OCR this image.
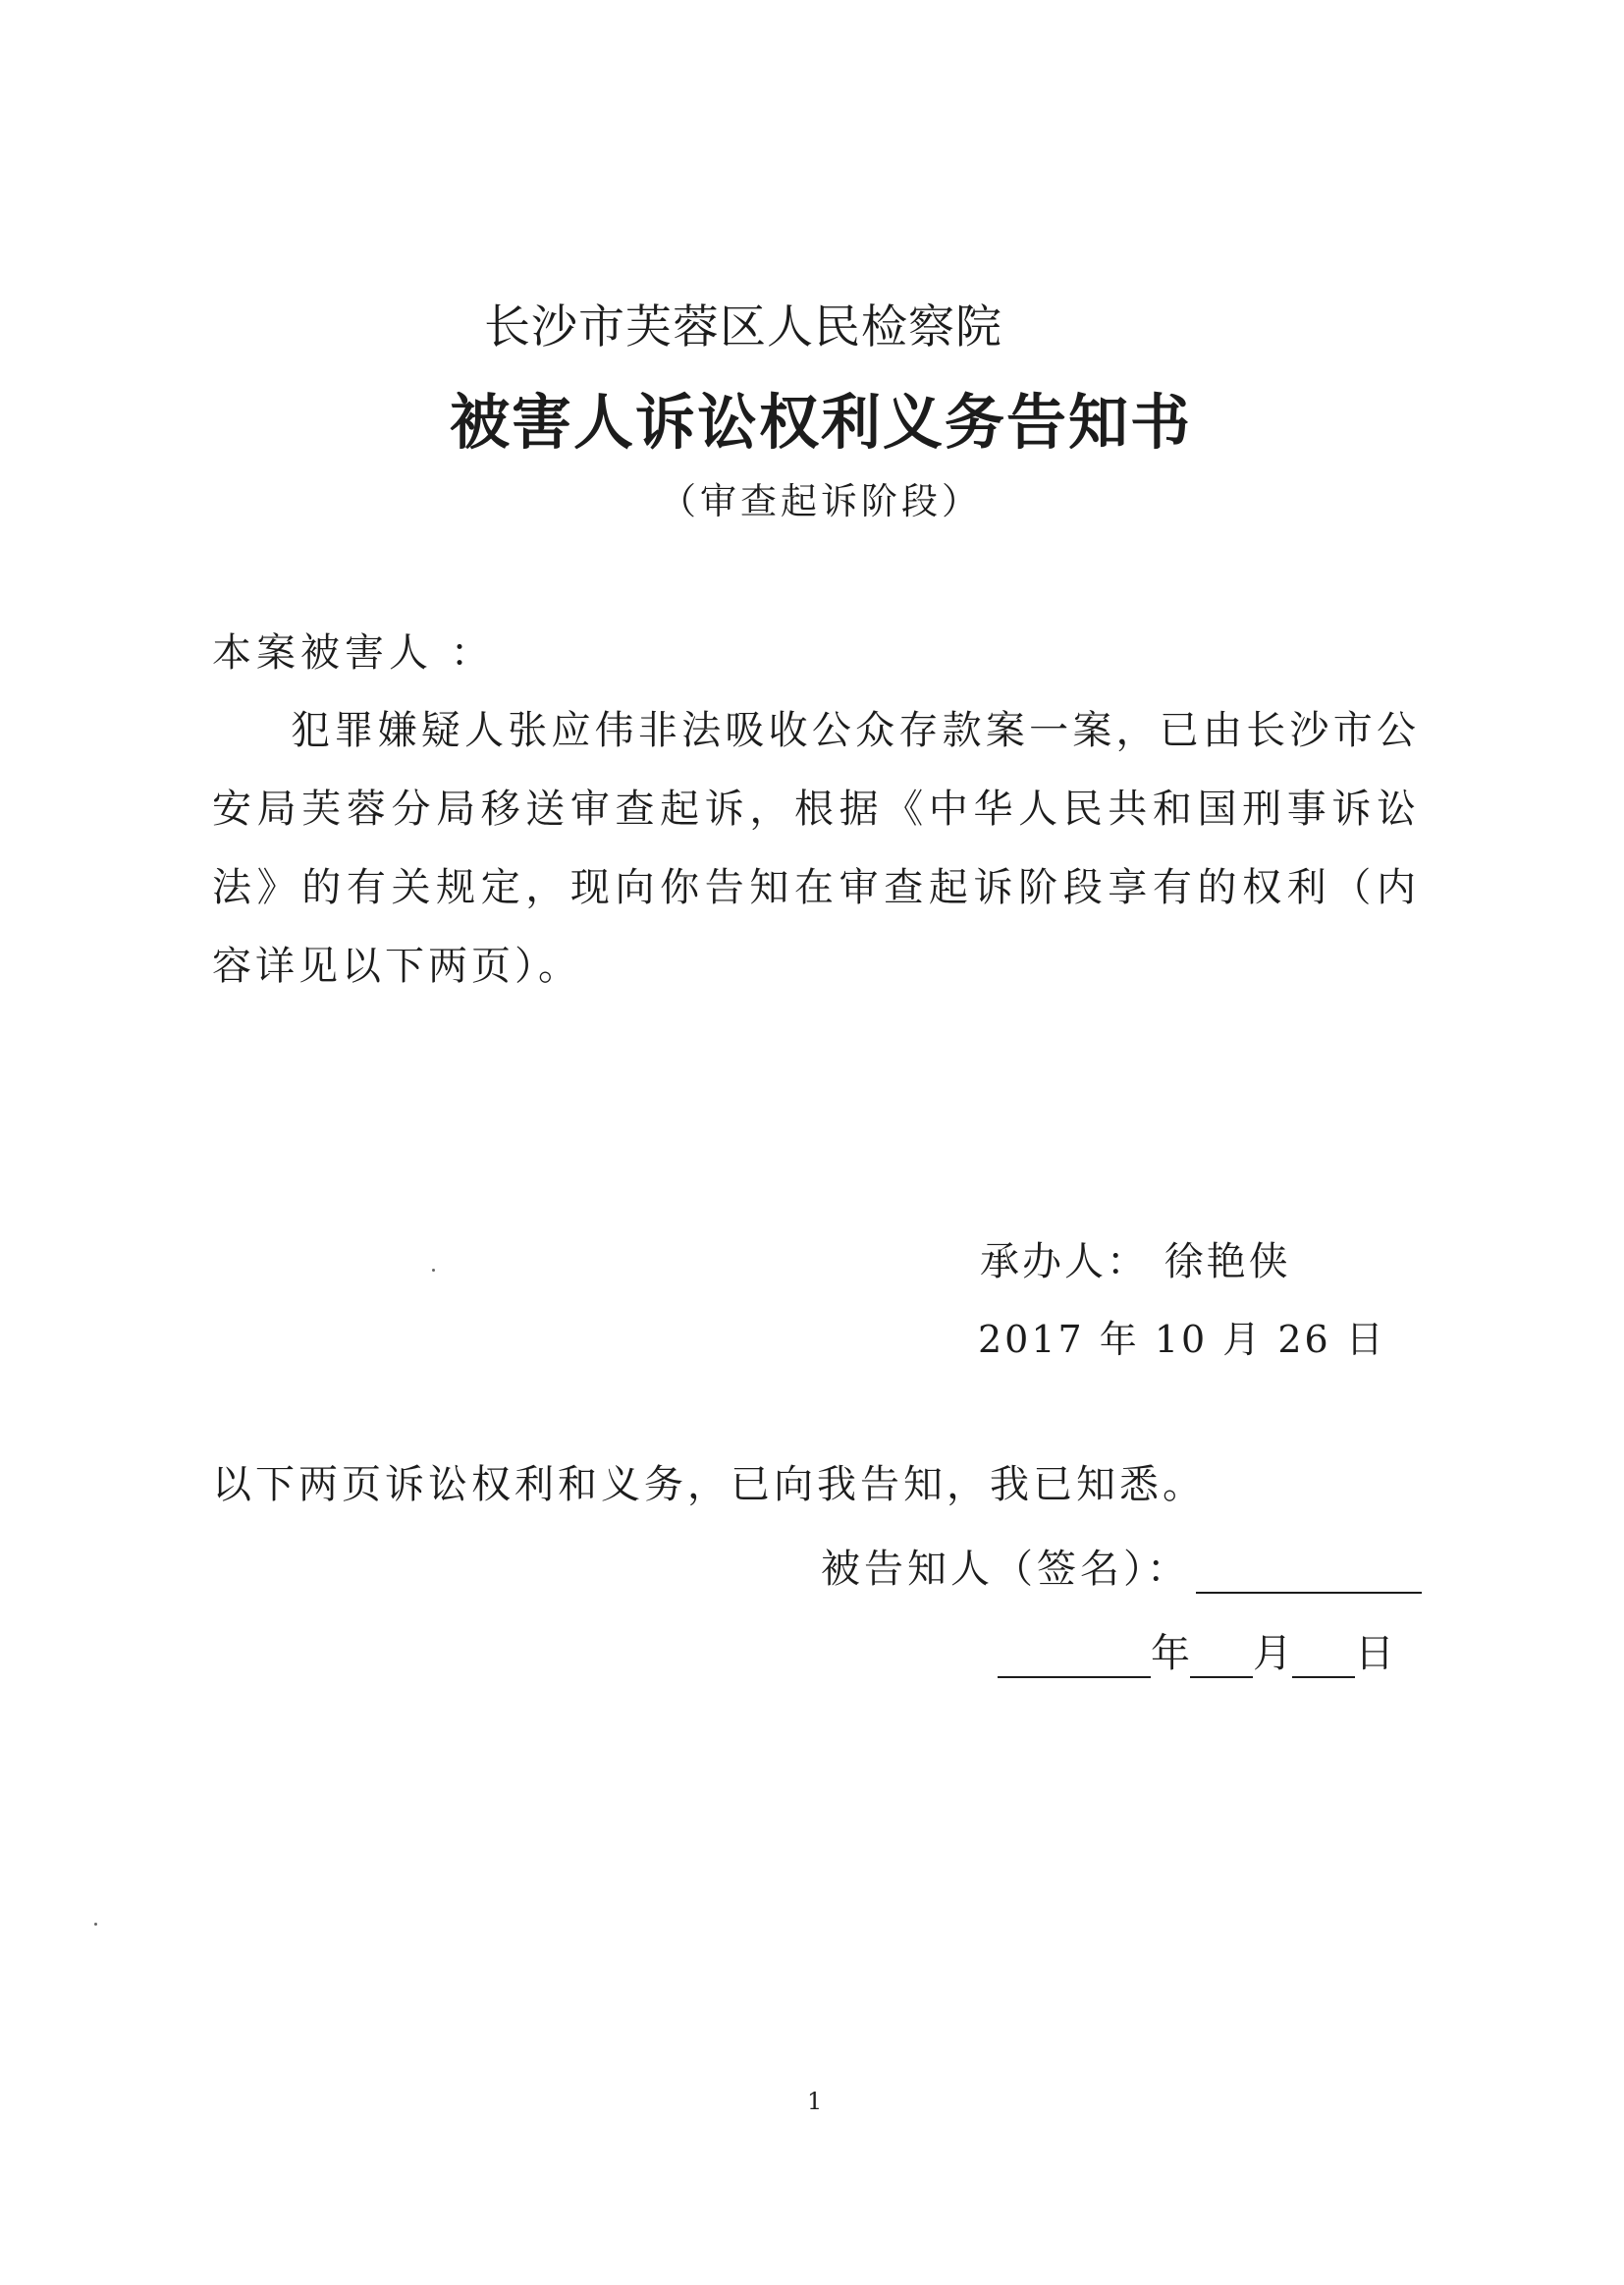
长沙市芙蓉区人民检察院
被害人诉讼权利义务告知书
（审查起诉阶段）
本案被害人 ：

犯罪嫌疑人张应伟非法吸收公众存款案一案，已由长沙市公安局芙蓉分局移送审查起诉，根据《中华人民共和国刑事诉讼法》的有关规定，现向你告知在审查起诉阶段享有的权利（内容详见以下两页）。

承办人： 徐艳侠
2017 年 10 月 26 日
以下两页诉讼权利和义务，已向我告知，我已知悉。
被告知人（签名）：
年 月 日
1
